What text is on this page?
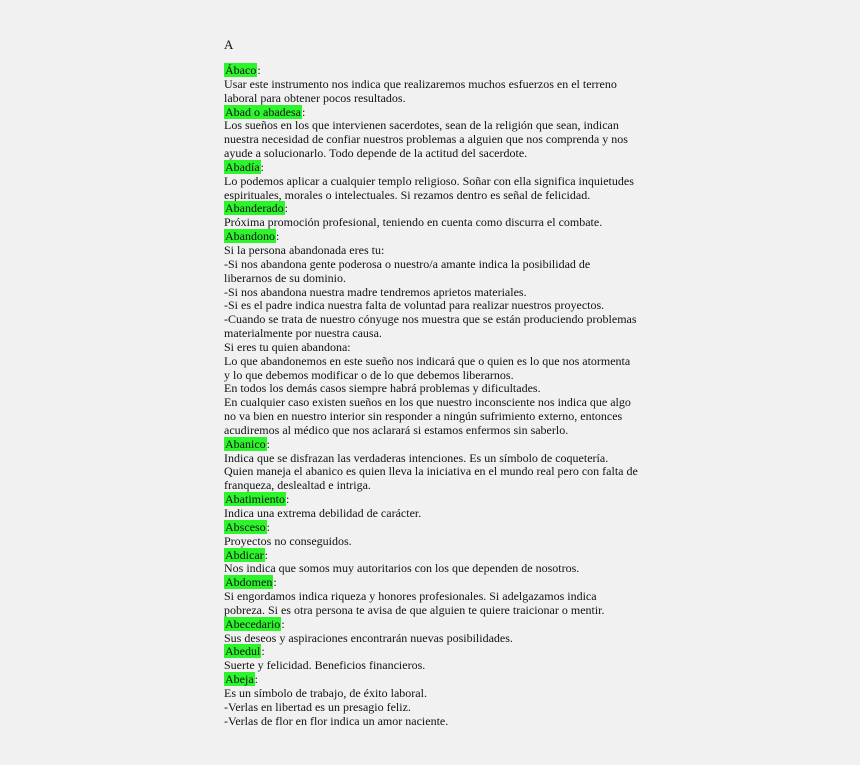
A
Ábaco:
Usar este instrumento nos indica que realizaremos muchos esfuerzos en el terreno
laboral para obtener pocos resultados.
Abad o abadesa:
Los sueños en los que intervienen sacerdotes, sean de la religión que sean, indican
nuestra necesidad de confiar nuestros problemas a alguien que nos comprenda y nos
ayude a solucionarlo. Todo depende de la actitud del sacerdote.
Abadía:
Lo podemos aplicar a cualquier templo religioso. Soñar con ella significa inquietudes
espirituales, morales o intelectuales. Si rezamos dentro es señal de felicidad.
Abanderado:
Próxima promoción profesional, teniendo en cuenta como discurra el combate.
Abandono:
Si la persona abandonada eres tu:
-Si nos abandona gente poderosa o nuestro/a amante indica la posibilidad de
liberarnos de su dominio.
-Si nos abandona nuestra madre tendremos aprietos materiales.
-Si es el padre indica nuestra falta de voluntad para realizar nuestros proyectos.
-Cuando se trata de nuestro cónyuge nos muestra que se están produciendo problemas
materialmente por nuestra causa.
Si eres tu quien abandona:
Lo que abandonemos en este sueño nos indicará que o quien es lo que nos atormenta
y lo que debemos modificar o de lo que debemos liberarnos.
En todos los demás casos siempre habrá problemas y dificultades.
En cualquier caso existen sueños en los que nuestro inconsciente nos indica que algo
no va bien en nuestro interior sin responder a ningún sufrimiento externo, entonces
acudiremos al médico que nos aclarará si estamos enfermos sin saberlo.
Abanico:
Indica que se disfrazan las verdaderas intenciones. Es un símbolo de coquetería.
Quien maneja el abanico es quien lleva la iniciativa en el mundo real pero con falta de
franqueza, deslealtad e intriga.
Abatimiento:
Indica una extrema debilidad de carácter.
Absceso:
Proyectos no conseguidos.
Abdicar:
Nos indica que somos muy autoritarios con los que dependen de nosotros.
Abdomen:
Si engordamos indica riqueza y honores profesionales. Si adelgazamos indica
pobreza. Si es otra persona te avisa de que alguien te quiere traicionar o mentir.
Abecedario:
Sus deseos y aspiraciones encontrarán nuevas posibilidades.
Abedul:
Suerte y felicidad. Beneficios financieros.
Abeja:
Es un símbolo de trabajo, de éxito laboral.
-Verlas en libertad es un presagio feliz.
-Verlas de flor en flor indica un amor naciente.
